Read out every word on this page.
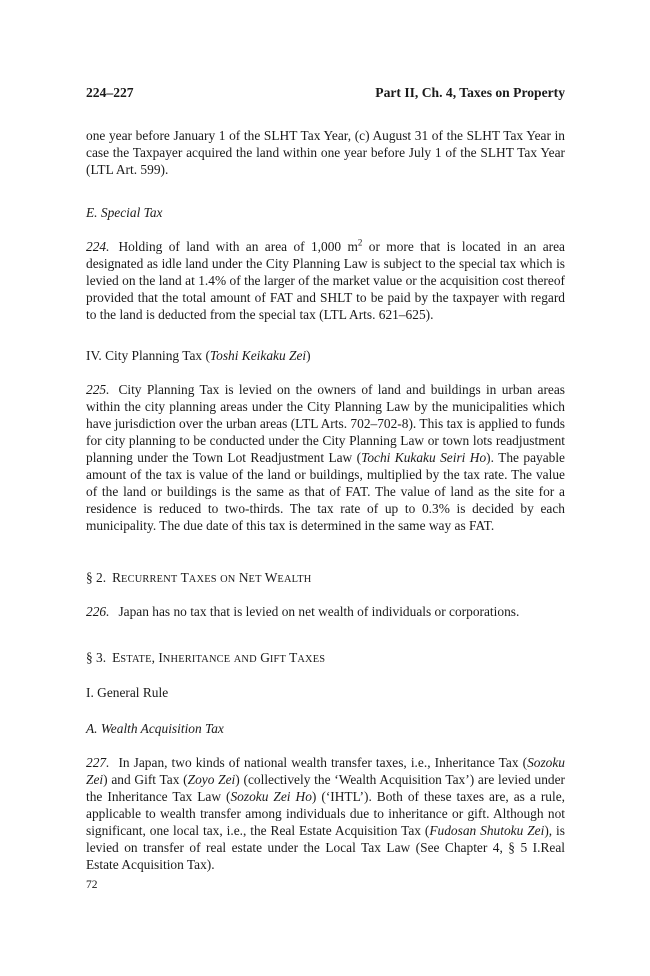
224–227	Part II, Ch. 4, Taxes on Property

one year before January 1 of the SLHT Tax Year, (c) August 31 of the SLHT Tax Year in case the Taxpayer acquired the land within one year before July 1 of the SLHT Tax Year (LTL Art. 599).

E. Special Tax

224. Holding of land with an area of 1,000 $m^2$ or more that is located in an area designated as idle land under the City Planning Law is subject to the special tax which is levied on the land at 1.4% of the larger of the market value or the acquisition cost thereof provided that the total amount of FAT and SHLT to be paid by the taxpayer with regard to the land is deducted from the special tax (LTL Arts. 621–625).

IV. City Planning Tax (Toshi Keikaku Zei)

225. City Planning Tax is levied on the owners of land and buildings in urban areas within the city planning areas under the City Planning Law by the municipalities which have jurisdiction over the urban areas (LTL Arts. 702–702-8). This tax is applied to funds for city planning to be conducted under the City Planning Law or town lots readjustment planning under the Town Lot Readjustment Law (Tochi Kukaku Seiri Ho). The payable amount of the tax is value of the land or buildings, multiplied by the tax rate. The value of the land or buildings is the same as that of FAT. The value of land as the site for a residence is reduced to two-thirds. The tax rate of up to 0.3% is decided by each municipality. The due date of this tax is determined in the same way as FAT.

§ 2. RECURRENT TAXES ON NET WEALTH

226. Japan has no tax that is levied on net wealth of individuals or corporations.

§ 3. ESTATE, INHERITANCE AND GIFT TAXES

I. General Rule

A. Wealth Acquisition Tax

227. In Japan, two kinds of national wealth transfer taxes, i.e., Inheritance Tax (Sozoku Zei) and Gift Tax (Zoyo Zei) (collectively the ‘Wealth Acquisition Tax’) are levied under the Inheritance Tax Law (Sozoku Zei Ho) (‘IHTL’). Both of these taxes are, as a rule, applicable to wealth transfer among individuals due to inheritance or gift. Although not significant, one local tax, i.e., the Real Estate Acquisition Tax (Fudosan Shutoku Zei), is levied on transfer of real estate under the Local Tax Law (See Chapter 4, § 5 I.Real Estate Acquisition Tax).

72
